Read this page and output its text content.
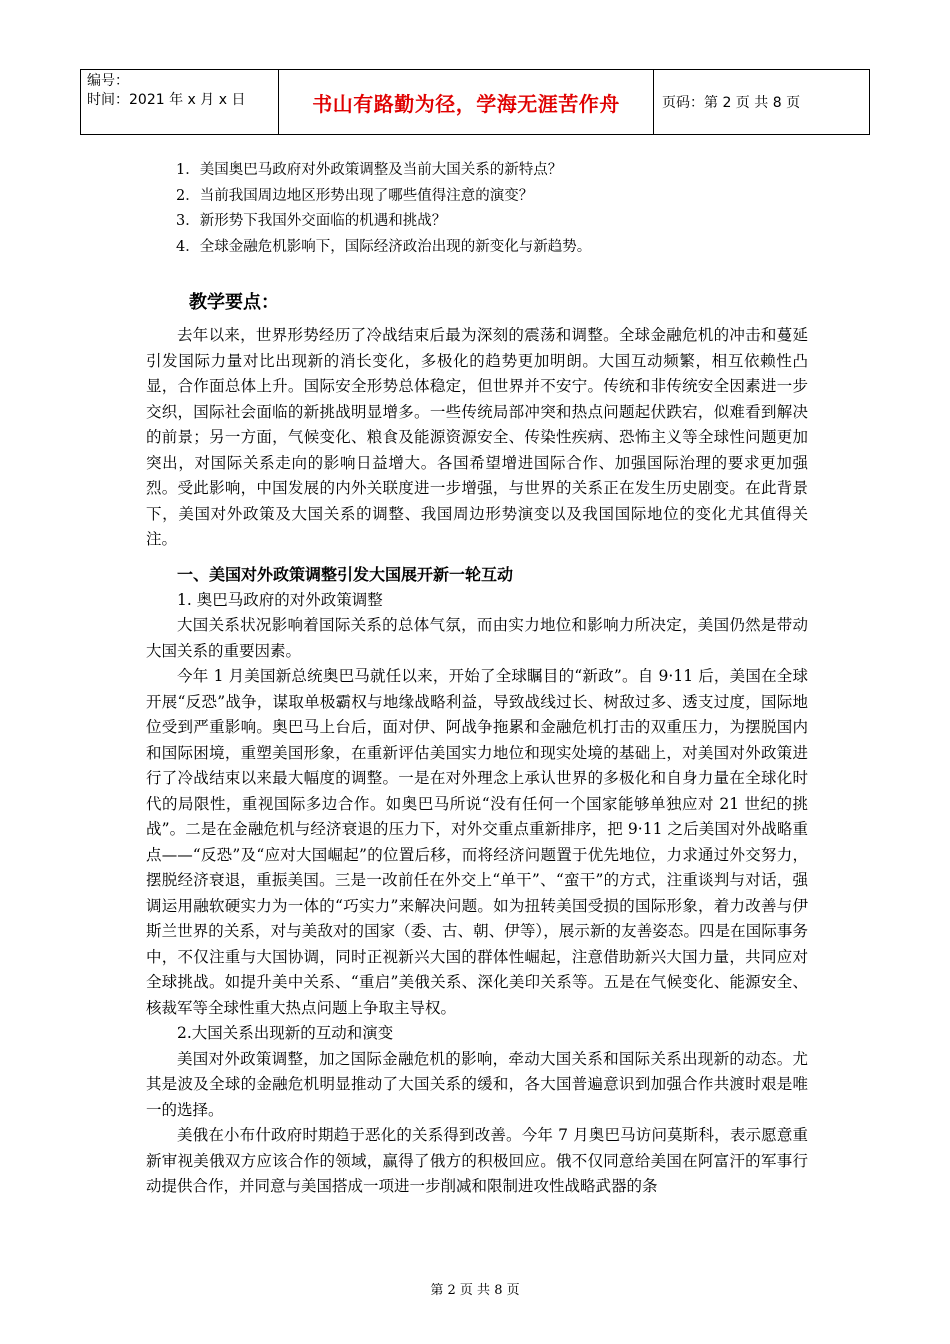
编号：
时间：2021 年 x 月 x 日	书山有路勤为径，学海无涯苦作舟	页码：第 2 页 共 8 页
1．美国奥巴马政府对外政策调整及当前大国关系的新特点？
2．当前我国周边地区形势出现了哪些值得注意的演变？
3．新形势下我国外交面临的机遇和挑战？
4．全球金融危机影响下，国际经济政治出现的新变化与新趋势。
教学要点：

去年以来，世界形势经历了冷战结束后最为深刻的震荡和调整。全球金融危机的冲击和蔓延引发国际力量对比出现新的消长变化，多极化的趋势更加明朗。大国互动频繁，相互依赖性凸显，合作面总体上升。国际安全形势总体稳定，但世界并不安宁。传统和非传统安全因素进一步交织，国际社会面临的新挑战明显增多。一些传统局部冲突和热点问题起伏跌宕，似难看到解决的前景；另一方面，气候变化、粮食及能源资源安全、传染性疾病、恐怖主义等全球性问题更加突出，对国际关系走向的影响日益增大。各国希望增进国际合作、加强国际治理的要求更加强烈。受此影响，中国发展的内外关联度进一步增强，与世界的关系正在发生历史剧变。在此背景下，美国对外政策及大国关系的调整、我国周边形势演变以及我国国际地位的变化尤其值得关注。

一、美国对外政策调整引发大国展开新一轮互动

1. 奥巴马政府的对外政策调整

大国关系状况影响着国际关系的总体气氛，而由实力地位和影响力所决定，美国仍然是带动大国关系的重要因素。

今年 1 月美国新总统奥巴马就任以来，开始了全球瞩目的“新政”。自 9·11 后，美国在全球开展“反恐”战争，谋取单极霸权与地缘战略利益，导致战线过长、树敌过多、透支过度，国际地位受到严重影响。奥巴马上台后，面对伊、阿战争拖累和金融危机打击的双重压力，为摆脱国内和国际困境，重塑美国形象，在重新评估美国实力地位和现实处境的基础上，对美国对外政策进行了冷战结束以来最大幅度的调整。一是在对外理念上承认世界的多极化和自身力量在全球化时代的局限性，重视国际多边合作。如奥巴马所说“没有任何一个国家能够单独应对 21 世纪的挑战”。二是在金融危机与经济衰退的压力下，对外交重点重新排序，把 9·11 之后美国对外战略重点——“反恐”及“应对大国崛起”的位置后移，而将经济问题置于优先地位，力求通过外交努力，摆脱经济衰退，重振美国。三是一改前任在外交上“单干”、“蛮干”的方式，注重谈判与对话，强调运用融软硬实力为一体的“巧实力”来解决问题。如为扭转美国受损的国际形象，着力改善与伊斯兰世界的关系，对与美敌对的国家（委、古、朝、伊等），展示新的友善姿态。四是在国际事务中，不仅注重与大国协调，同时正视新兴大国的群体性崛起，注意借助新兴大国力量，共同应对全球挑战。如提升美中关系、“重启”美俄关系、深化美印关系等。五是在气候变化、能源安全、核裁军等全球性重大热点问题上争取主导权。

2.大国关系出现新的互动和演变

美国对外政策调整，加之国际金融危机的影响，牵动大国关系和国际关系出现新的动态。尤其是波及全球的金融危机明显推动了大国关系的缓和，各大国普遍意识到加强合作共渡时艰是唯一的选择。

美俄在小布什政府时期趋于恶化的关系得到改善。今年 7 月奥巴马访问莫斯科，表示愿意重新审视美俄双方应该合作的领域，赢得了俄方的积极回应。俄不仅同意给美国在阿富汗的军事行动提供合作，并同意与美国搭成一项进一步削减和限制进攻性战略武器的条

第 2 页 共 8 页
